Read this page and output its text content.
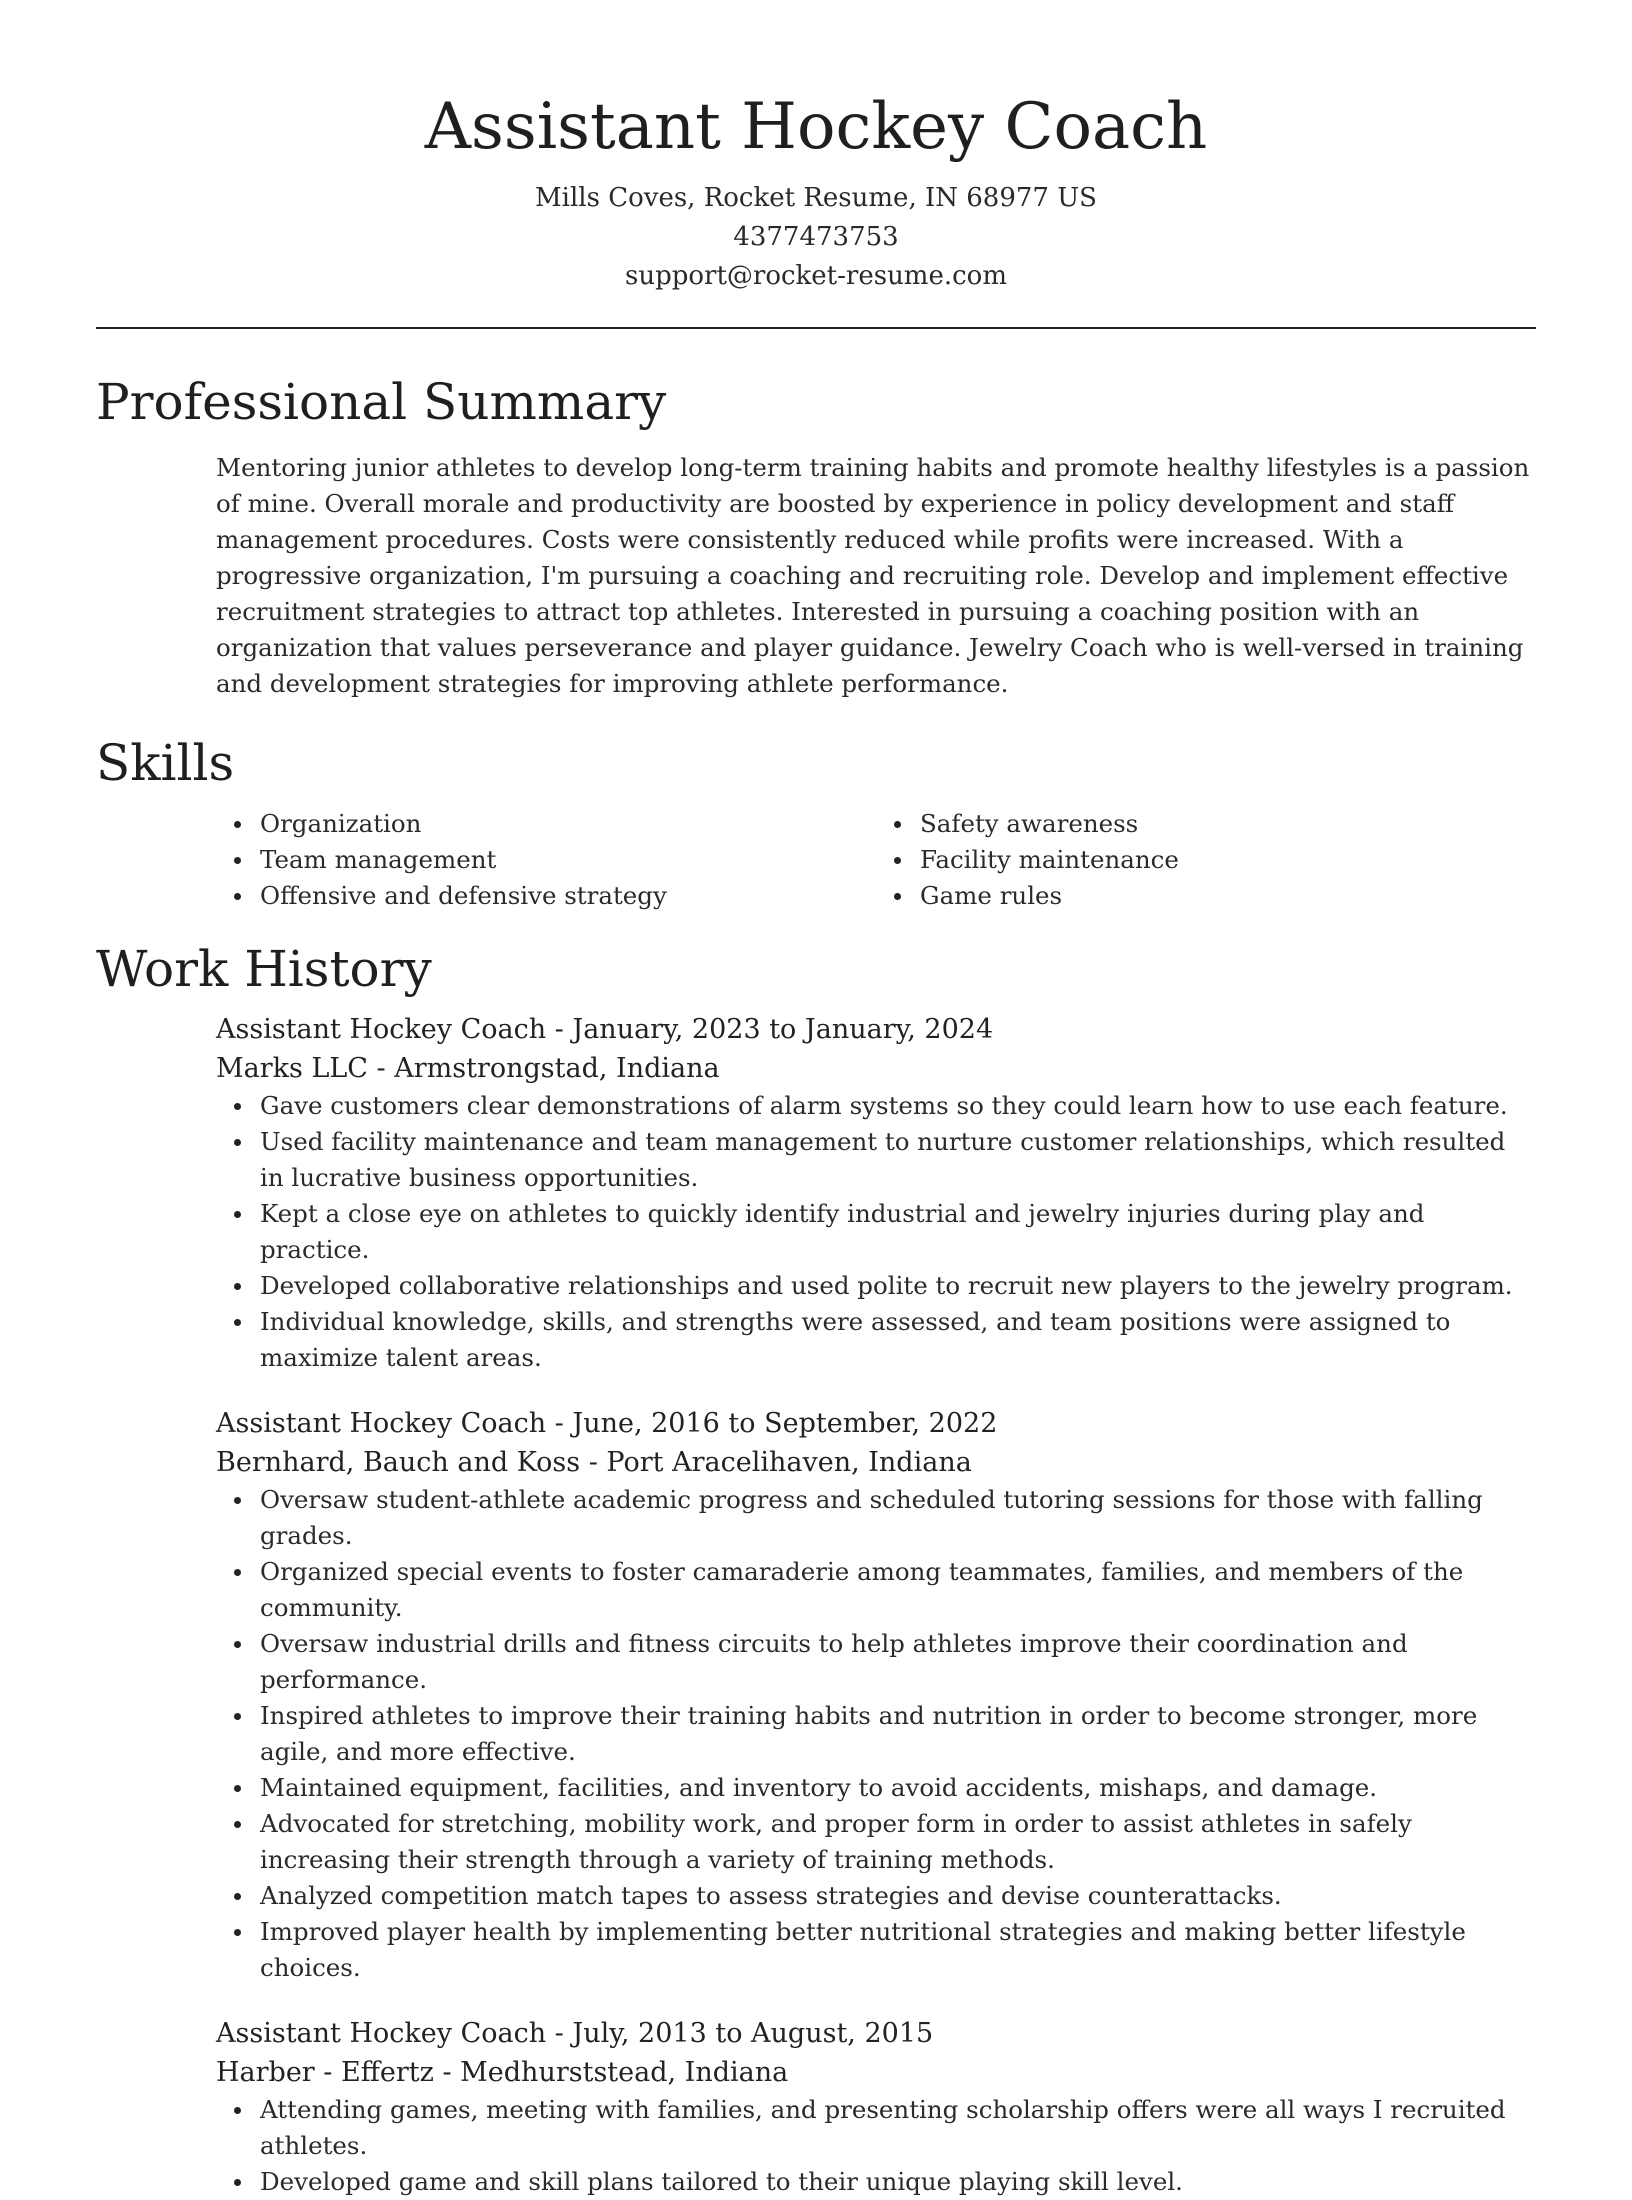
Assistant Hockey Coach
Mills Coves, Rocket Resume, IN 68977 US
4377473753
support@rocket-resume.com
Professional Summary
Mentoring junior athletes to develop long-term training habits and promote healthy lifestyles is a passion of mine. Overall morale and productivity are boosted by experience in policy development and staff management procedures. Costs were consistently reduced while profits were increased. With a progressive organization, I'm pursuing a coaching and recruiting role. Develop and implement effective recruitment strategies to attract top athletes. Interested in pursuing a coaching position with an organization that values perseverance and player guidance. Jewelry Coach who is well-versed in training and development strategies for improving athlete performance.
Skills
Organization
Team management
Offensive and defensive strategy
Safety awareness
Facility maintenance
Game rules
Work History
Assistant Hockey Coach - January, 2023 to January, 2024
Marks LLC - Armstrongstad, Indiana
Gave customers clear demonstrations of alarm systems so they could learn how to use each feature.
Used facility maintenance and team management to nurture customer relationships, which resulted in lucrative business opportunities.
Kept a close eye on athletes to quickly identify industrial and jewelry injuries during play and practice.
Developed collaborative relationships and used polite to recruit new players to the jewelry program.
Individual knowledge, skills, and strengths were assessed, and team positions were assigned to maximize talent areas.
Assistant Hockey Coach - June, 2016 to September, 2022
Bernhard, Bauch and Koss - Port Aracelihaven, Indiana
Oversaw student-athlete academic progress and scheduled tutoring sessions for those with falling grades.
Organized special events to foster camaraderie among teammates, families, and members of the community.
Oversaw industrial drills and fitness circuits to help athletes improve their coordination and performance.
Inspired athletes to improve their training habits and nutrition in order to become stronger, more agile, and more effective.
Maintained equipment, facilities, and inventory to avoid accidents, mishaps, and damage.
Advocated for stretching, mobility work, and proper form in order to assist athletes in safely increasing their strength through a variety of training methods.
Analyzed competition match tapes to assess strategies and devise counterattacks.
Improved player health by implementing better nutritional strategies and making better lifestyle choices.
Assistant Hockey Coach - July, 2013 to August, 2015
Harber - Effertz - Medhurststead, Indiana
Attending games, meeting with families, and presenting scholarship offers were all ways I recruited athletes.
Developed game and skill plans tailored to their unique playing skill level.
